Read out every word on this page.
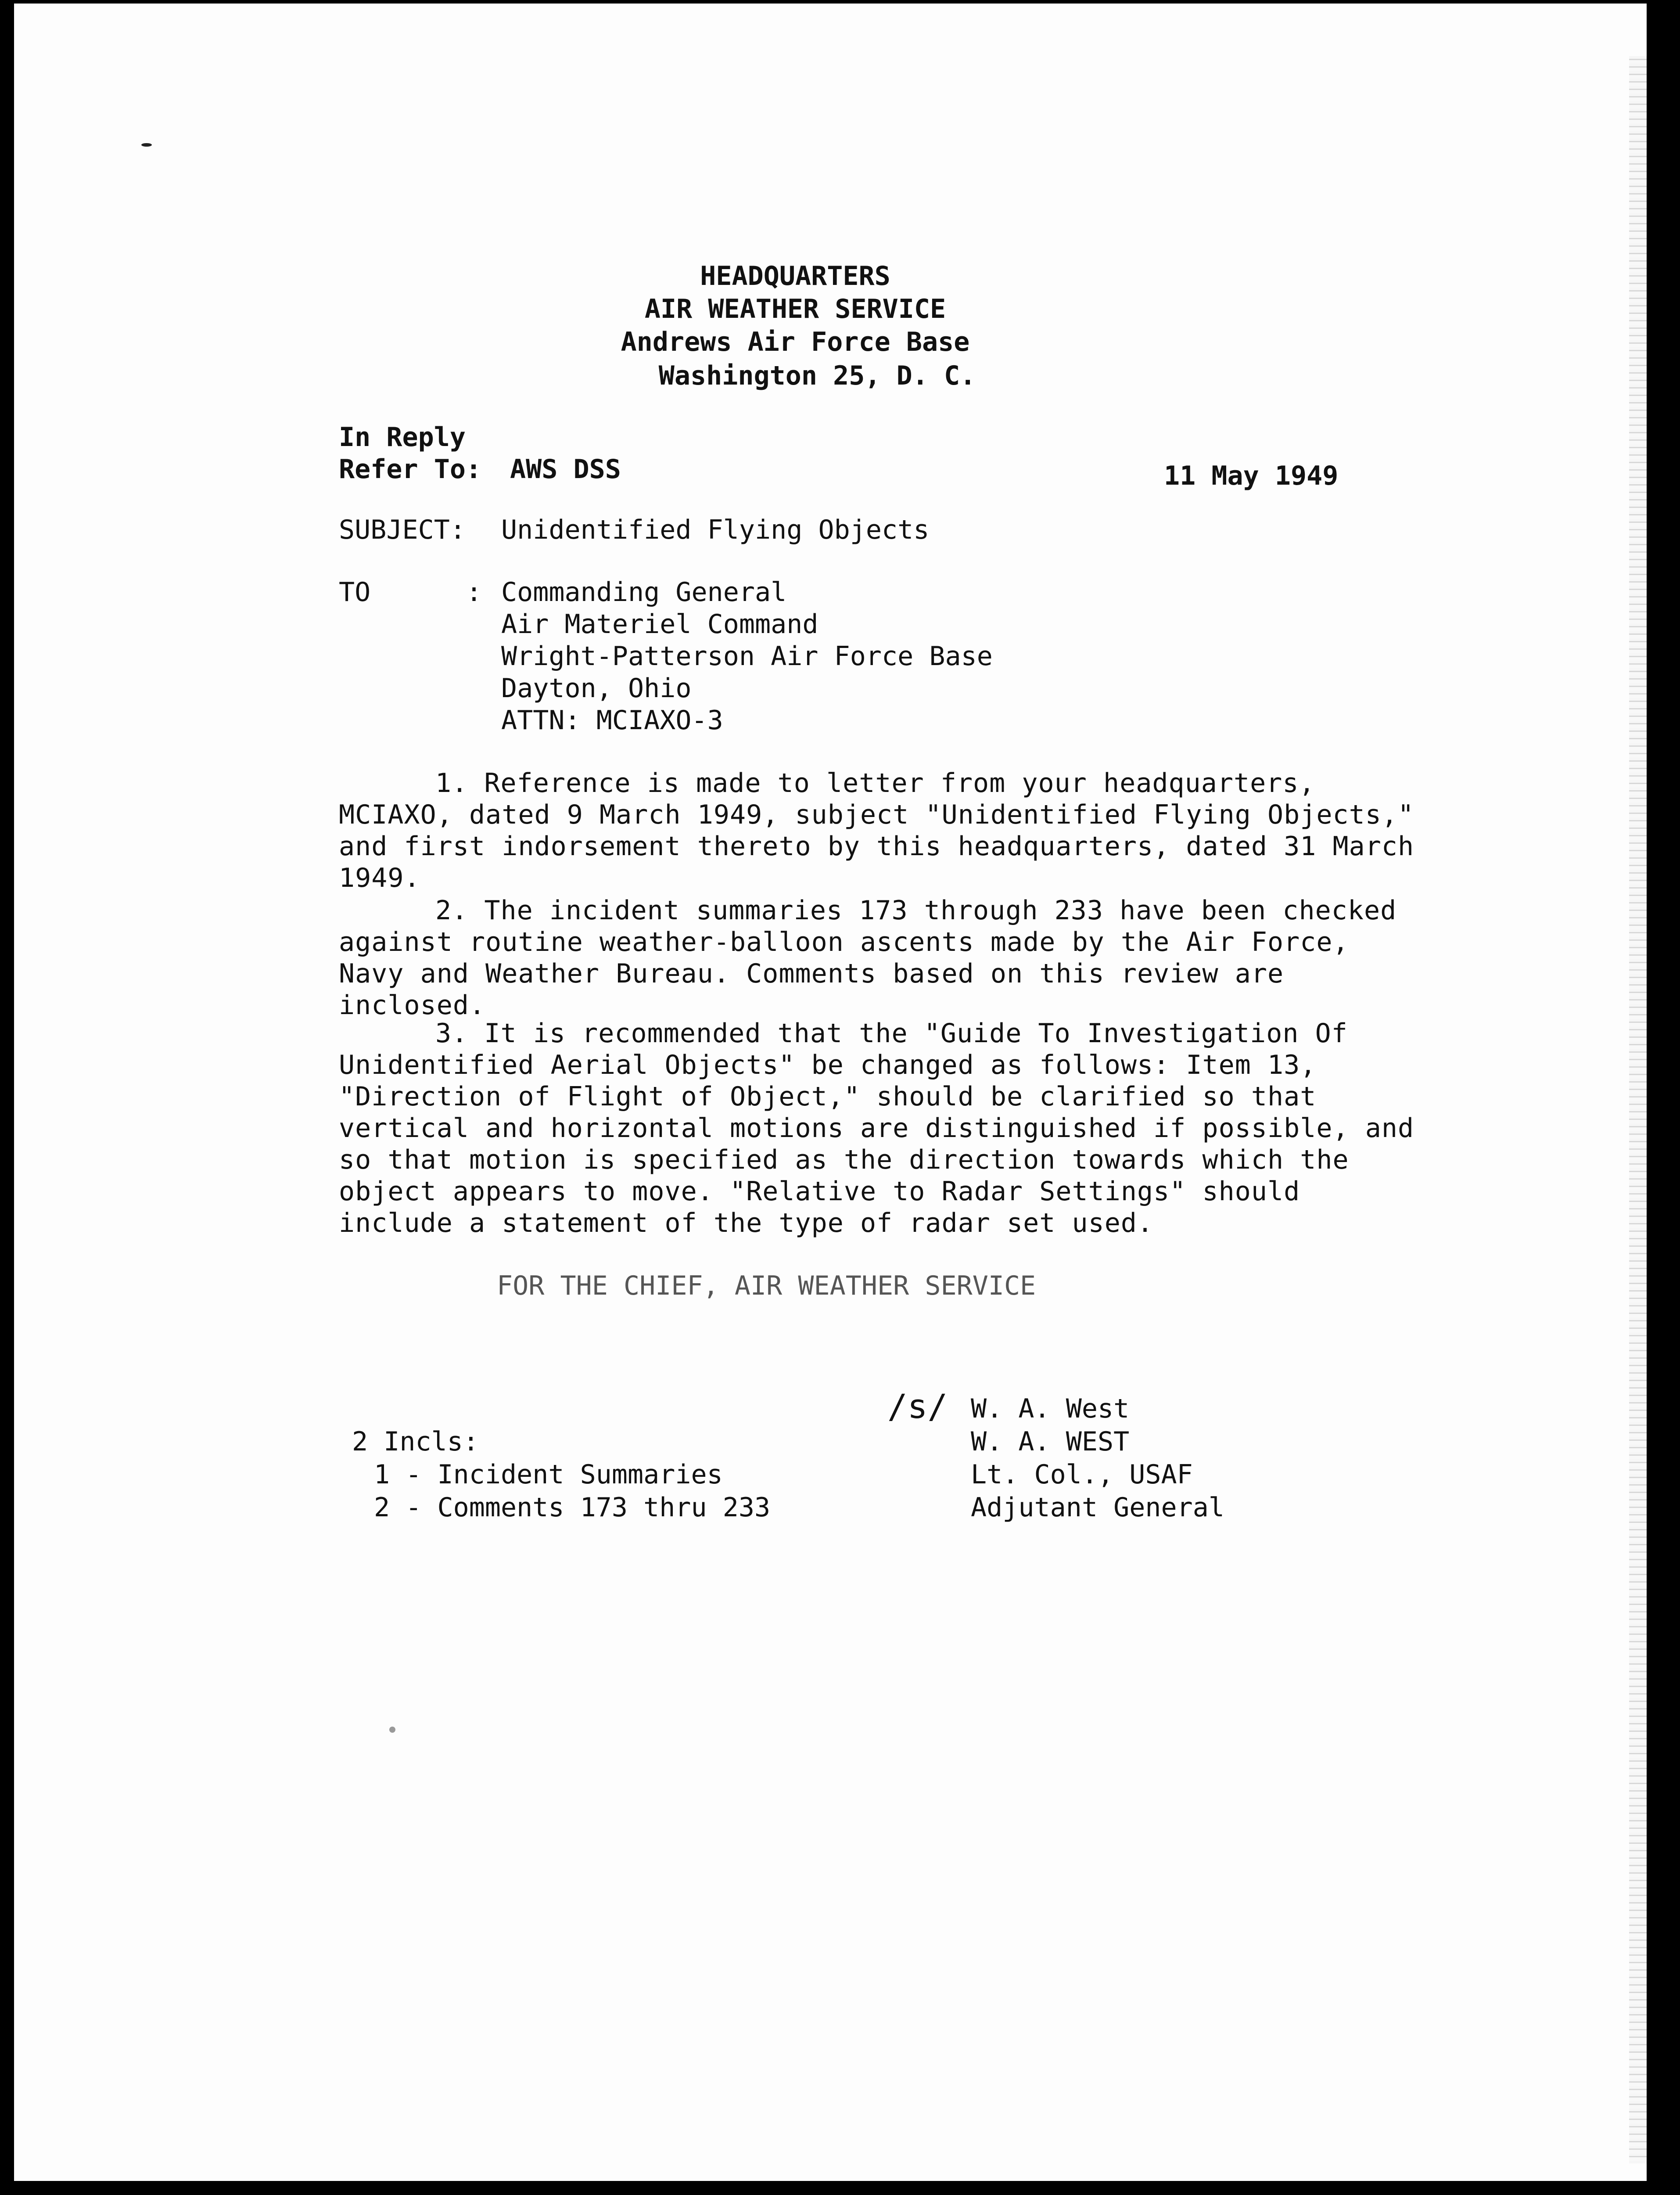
HEADQUARTERS
AIR WEATHER SERVICE
Andrews Air Force Base
Washington 25, D. C.
In Reply
Refer To: AWS DSS	11 May 1949
SUBJECT: Unidentified Flying Objects
TO	: Commanding General
Air Materiel Command
Wright-Patterson Air Force Base
Dayton, Ohio
ATTN: MCIAXO-3
1. Reference is made to letter from your headquarters, MCIAXO, dated 9 March 1949, subject "Unidentified Flying Objects," and first indorsement thereto by this headquarters, dated 31 March 1949.
2. The incident summaries 173 through 233 have been checked against routine weather-balloon ascents made by the Air Force, Navy and Weather Bureau. Comments based on this review are inclosed.
3. It is recommended that the "Guide To Investigation Of Unidentified Aerial Objects" be changed as follows: Item 13, "Direction of Flight of Object," should be clarified so that vertical and horizontal motions are distinguished if possible, and so that motion is specified as the direction towards which the object appears to move. "Relative to Radar Settings" should include a statement of the type of radar set used.
FOR THE CHIEF, AIR WEATHER SERVICE
/s/ W. A. West
W. A. WEST
Lt. Col., USAF
Adjutant General
2 Incls:
1 - Incident Summaries
2 - Comments 173 thru 233
